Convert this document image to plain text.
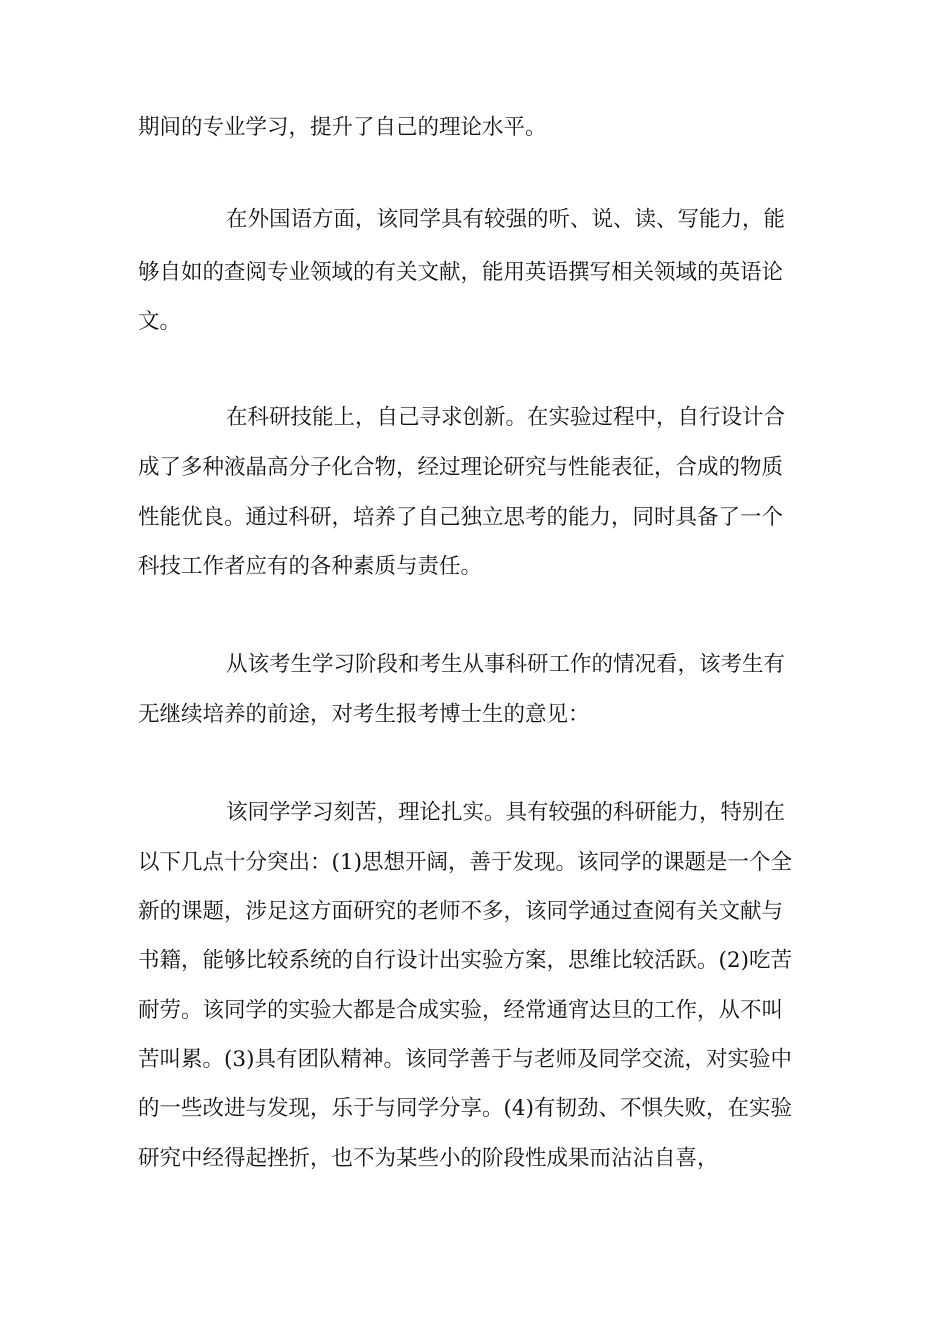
期间的专业学习，提升了自己的理论水平。
在外国语方面，该同学具有较强的听、说、读、写能力，能
够自如的查阅专业领域的有关文献，能用英语撰写相关领域的英语论
文。
在科研技能上，自己寻求创新。在实验过程中，自行设计合
成了多种液晶高分子化合物，经过理论研究与性能表征，合成的物质
性能优良。通过科研，培养了自己独立思考的能力，同时具备了一个
科技工作者应有的各种素质与责任。
从该考生学习阶段和考生从事科研工作的情况看，该考生有
无继续培养的前途，对考生报考博士生的意见：
该同学学习刻苦，理论扎实。具有较强的科研能力，特别在
以下几点十分突出：(1)思想开阔，善于发现。该同学的课题是一个全
新的课题，涉足这方面研究的老师不多，该同学通过查阅有关文献与
书籍，能够比较系统的自行设计出实验方案，思维比较活跃。(2)吃苦
耐劳。该同学的实验大都是合成实验，经常通宵达旦的工作，从不叫
苦叫累。(3)具有团队精神。该同学善于与老师及同学交流，对实验中
的一些改进与发现，乐于与同学分享。(4)有韧劲、不惧失败，在实验
研究中经得起挫折，也不为某些小的阶段性成果而沾沾自喜，
